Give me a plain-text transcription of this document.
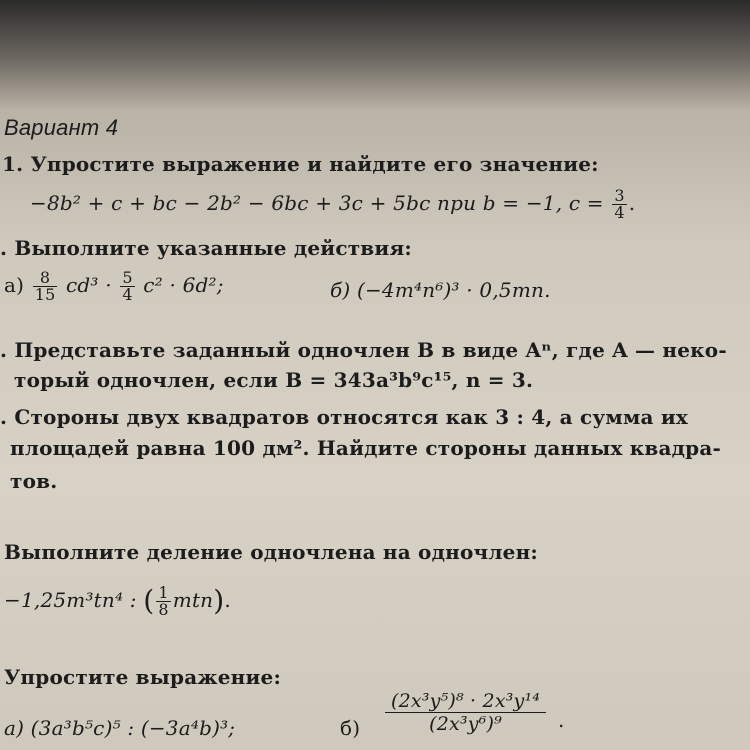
Вариант 4
1. Упростите выражение и найдите его значение:
−8b² + c + bc − 2b² − 6bc + 3c + 5bc при b = −1, $c = \frac{3}{4}$ .
. Выполните указанные действия:
$а) \frac{8}{15} cd^3 \cdot \frac{5}{4} c^2 \cdot 6d^2$;	б) (−4m⁴n⁶)³ · 0,5mn.
. Представьте заданный одночлен B в виде Aⁿ, где A — неко-
торый одночлен, если B = 343a³b⁹c¹⁵, n = 3.
. Стороны двух квадратов относятся как 3 : 4, а сумма их
площадей равна 100 дм². Найдите стороны данных квадра-
тов.
Выполните деление одночлена на одночлен:
−1,25m³tn⁴ : ( $\frac{1}{8} mtn$).
Упростите выражение:
а) (3a³b⁵c)⁵ : (−3a⁴b)³;	$б) \frac{\text{(2x³y⁵)⁸ · 2x³y¹⁴}}{\text{(2x³y⁶)⁹}}$ .
